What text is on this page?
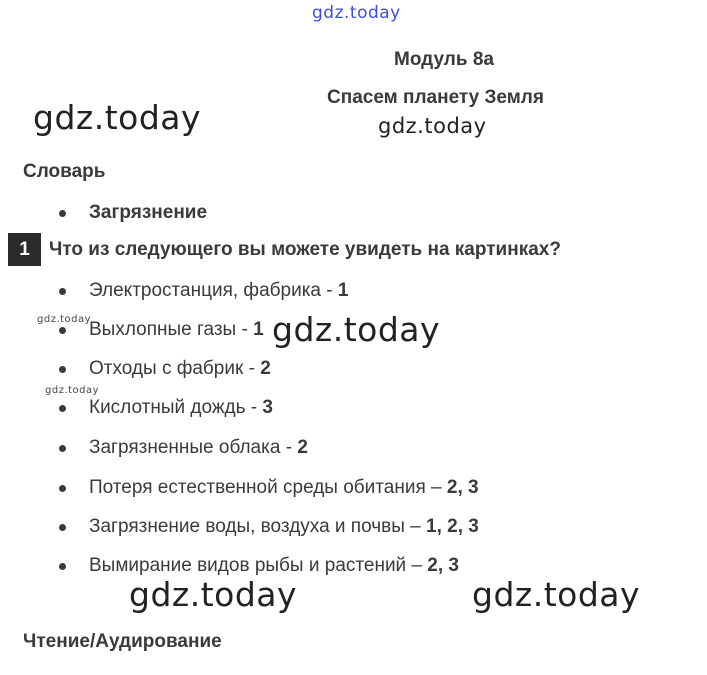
gdz.today
gdz.today	gdz.today
gdz.today
gdz.today	gdz.today
gdz.today
gdz.today
Модуль 8а
Спасем планету Земля
Словарь
Загрязнение
1 Что из следующего вы можете увидеть на картинках?
Электростанция, фабрика - 1
Выхлопные газы - 1
Отходы с фабрик - 2
Кислотный дождь - 3
Загрязненные облака - 2
Потеря естественной среды обитания – 2, 3
Загрязнение воды, воздуха и почвы – 1, 2, 3
Вымирание видов рыбы и растений – 2, 3
Чтение/Аудирование
